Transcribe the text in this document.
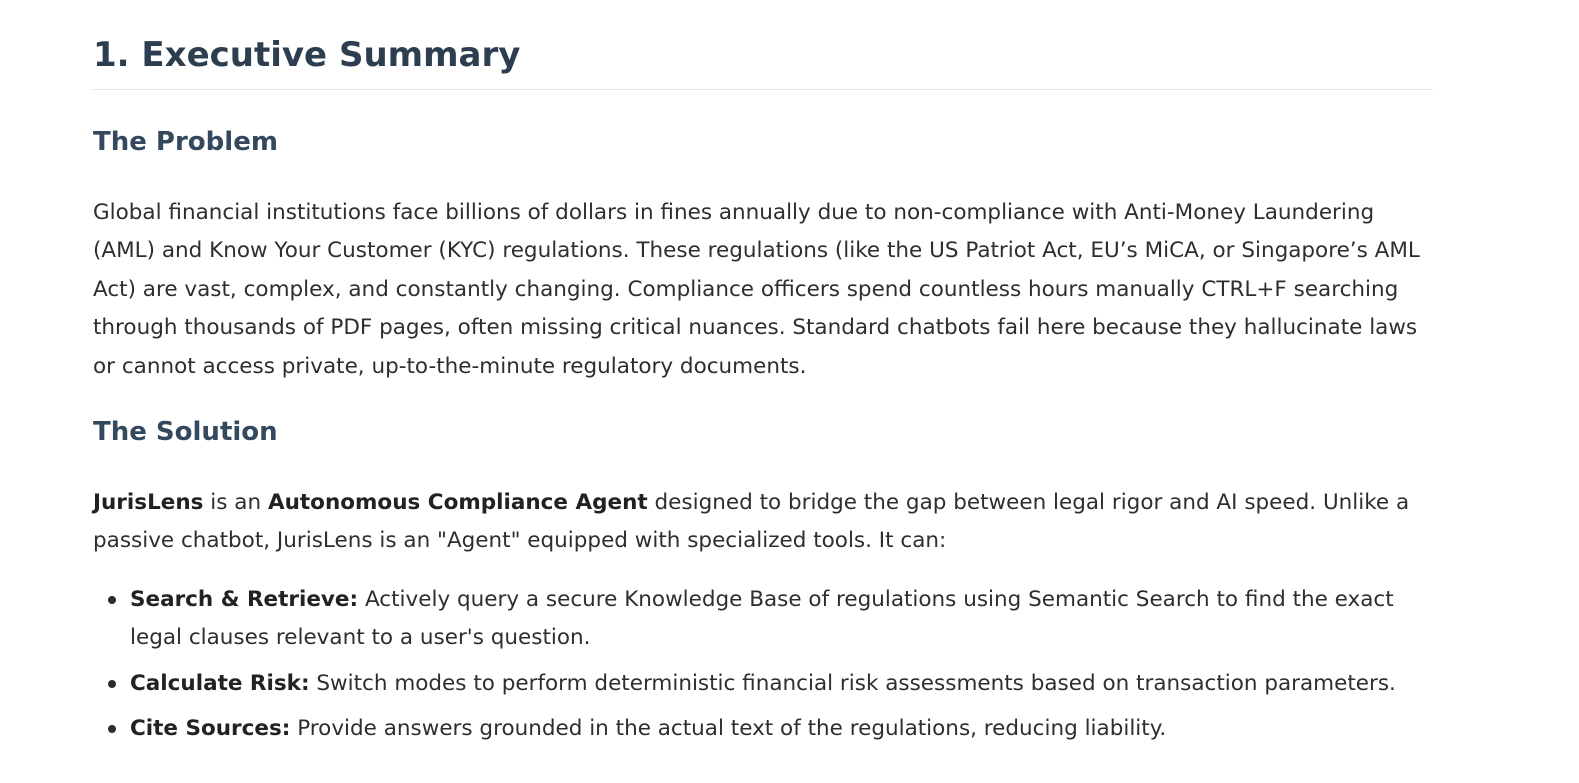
1. Executive Summary
The Problem

Global financial institutions face billions of dollars in fines annually due to non-compliance with Anti-Money Laundering (AML) and Know Your Customer (KYC) regulations. These regulations (like the US Patriot Act, EU’s MiCA, or Singapore’s AML Act) are vast, complex, and constantly changing. Compliance officers spend countless hours manually CTRL+F searching through thousands of PDF pages, often missing critical nuances. Standard chatbots fail here because they hallucinate laws or cannot access private, up-to-the-minute regulatory documents.

The Solution

JurisLens is an Autonomous Compliance Agent designed to bridge the gap between legal rigor and AI speed. Unlike a passive chatbot, JurisLens is an "Agent" equipped with specialized tools. It can:

Search & Retrieve: Actively query a secure Knowledge Base of regulations using Semantic Search to find the exact legal clauses relevant to a user's question.
Calculate Risk: Switch modes to perform deterministic financial risk assessments based on transaction parameters.
Cite Sources: Provide answers grounded in the actual text of the regulations, reducing liability.
